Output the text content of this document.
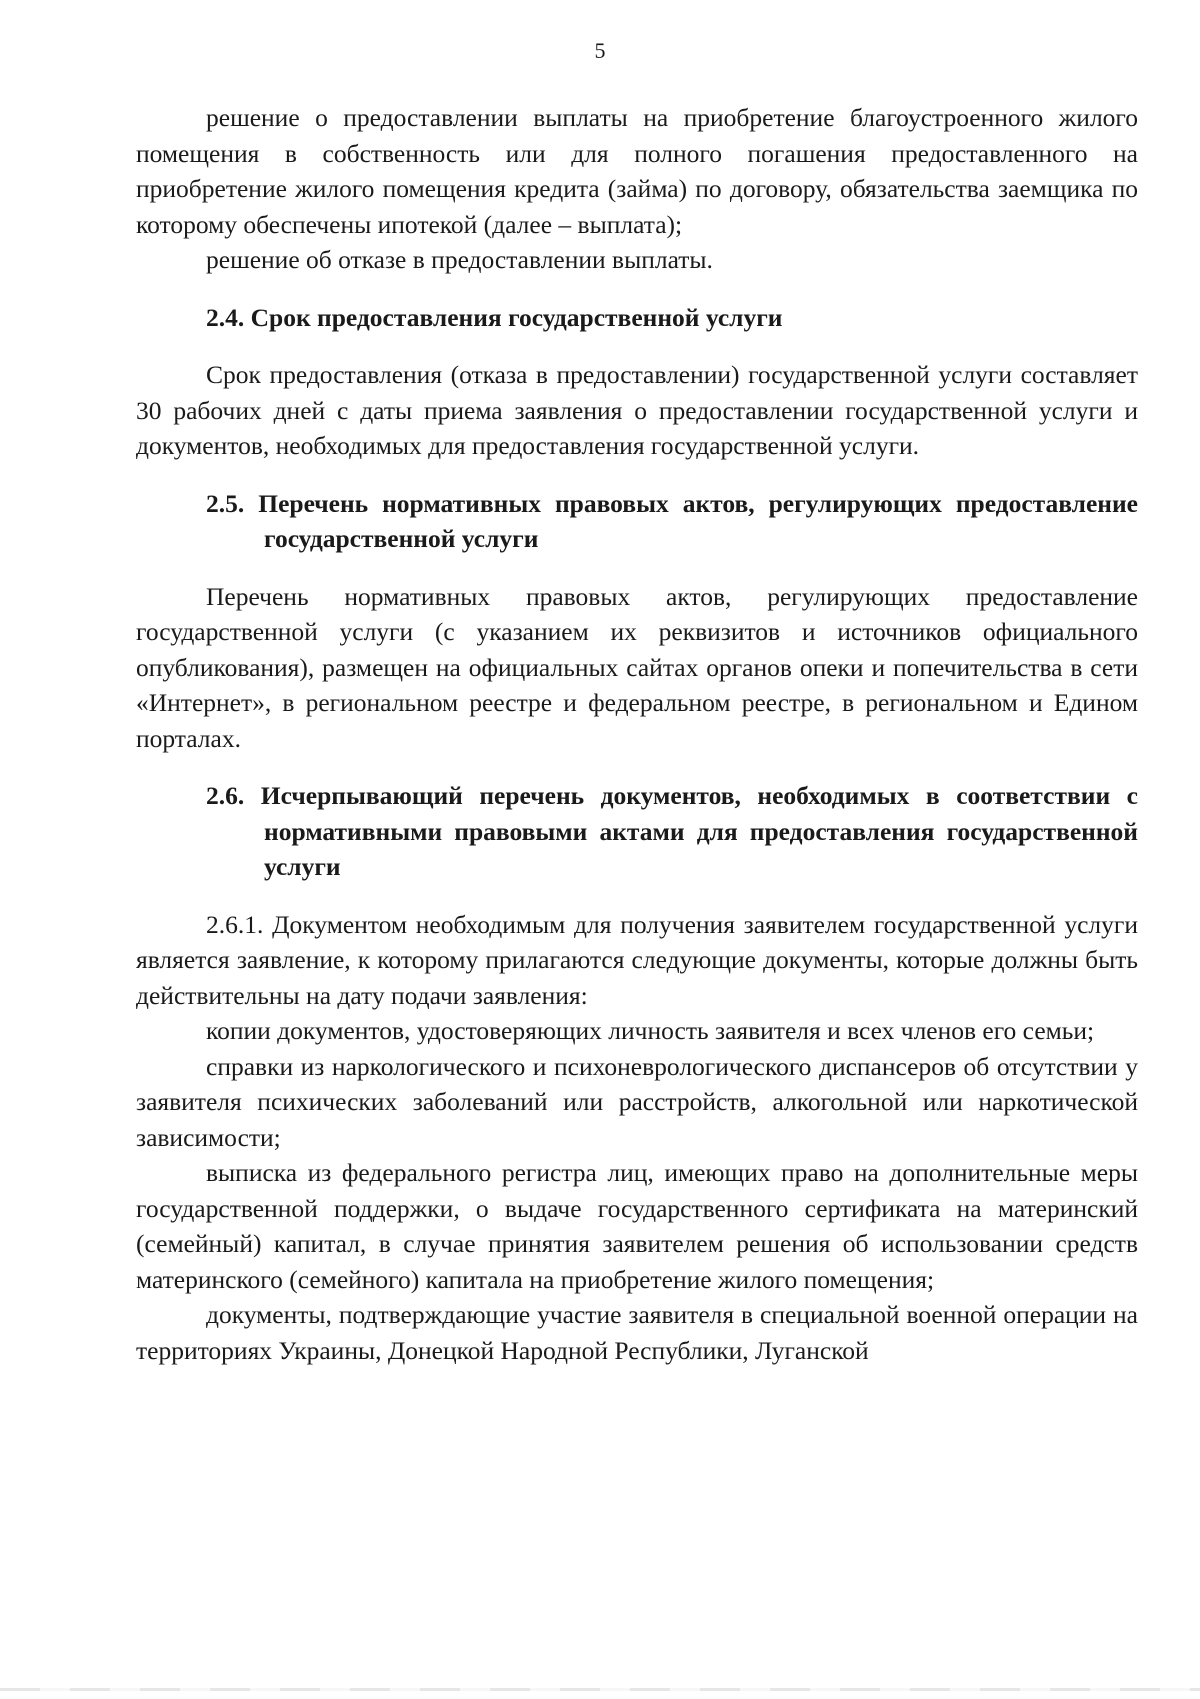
5

решение о предоставлении выплаты на приобретение благоустроенного жилого помещения в собственность или для полного погашения предоставленного на приобретение жилого помещения кредита (займа) по договору, обязательства заемщика по которому обеспечены ипотекой (далее – выплата);

решение об отказе в предоставлении выплаты.

2.4. Срок предоставления государственной услуги

Срок предоставления (отказа в предоставлении) государственной услуги составляет 30 рабочих дней с даты приема заявления о предоставлении государственной услуги и документов, необходимых для предоставления государственной услуги.

2.5. Перечень нормативных правовых актов, регулирующих предоставление государственной услуги

Перечень нормативных правовых актов, регулирующих предоставление государственной услуги (с указанием их реквизитов и источников официального опубликования), размещен на официальных сайтах органов опеки и попечительства в сети «Интернет», в региональном реестре и федеральном реестре, в региональном и Едином порталах.

2.6. Исчерпывающий перечень документов, необходимых в соответствии с нормативными правовыми актами для предоставления государственной услуги

2.6.1. Документом необходимым для получения заявителем государственной услуги является заявление, к которому прилагаются следующие документы, которые должны быть действительны на дату подачи заявления:

копии документов, удостоверяющих личность заявителя и всех членов его семьи;

справки из наркологического и психоневрологического диспансеров об отсутствии у заявителя психических заболеваний или расстройств, алкогольной или наркотической зависимости;

выписка из федерального регистра лиц, имеющих право на дополнительные меры государственной поддержки, о выдаче государственного сертификата на материнский (семейный) капитал, в случае принятия заявителем решения об использовании средств материнского (семейного) капитала на приобретение жилого помещения;

документы, подтверждающие участие заявителя в специальной военной операции на территориях Украины, Донецкой Народной Республики, Луганской
